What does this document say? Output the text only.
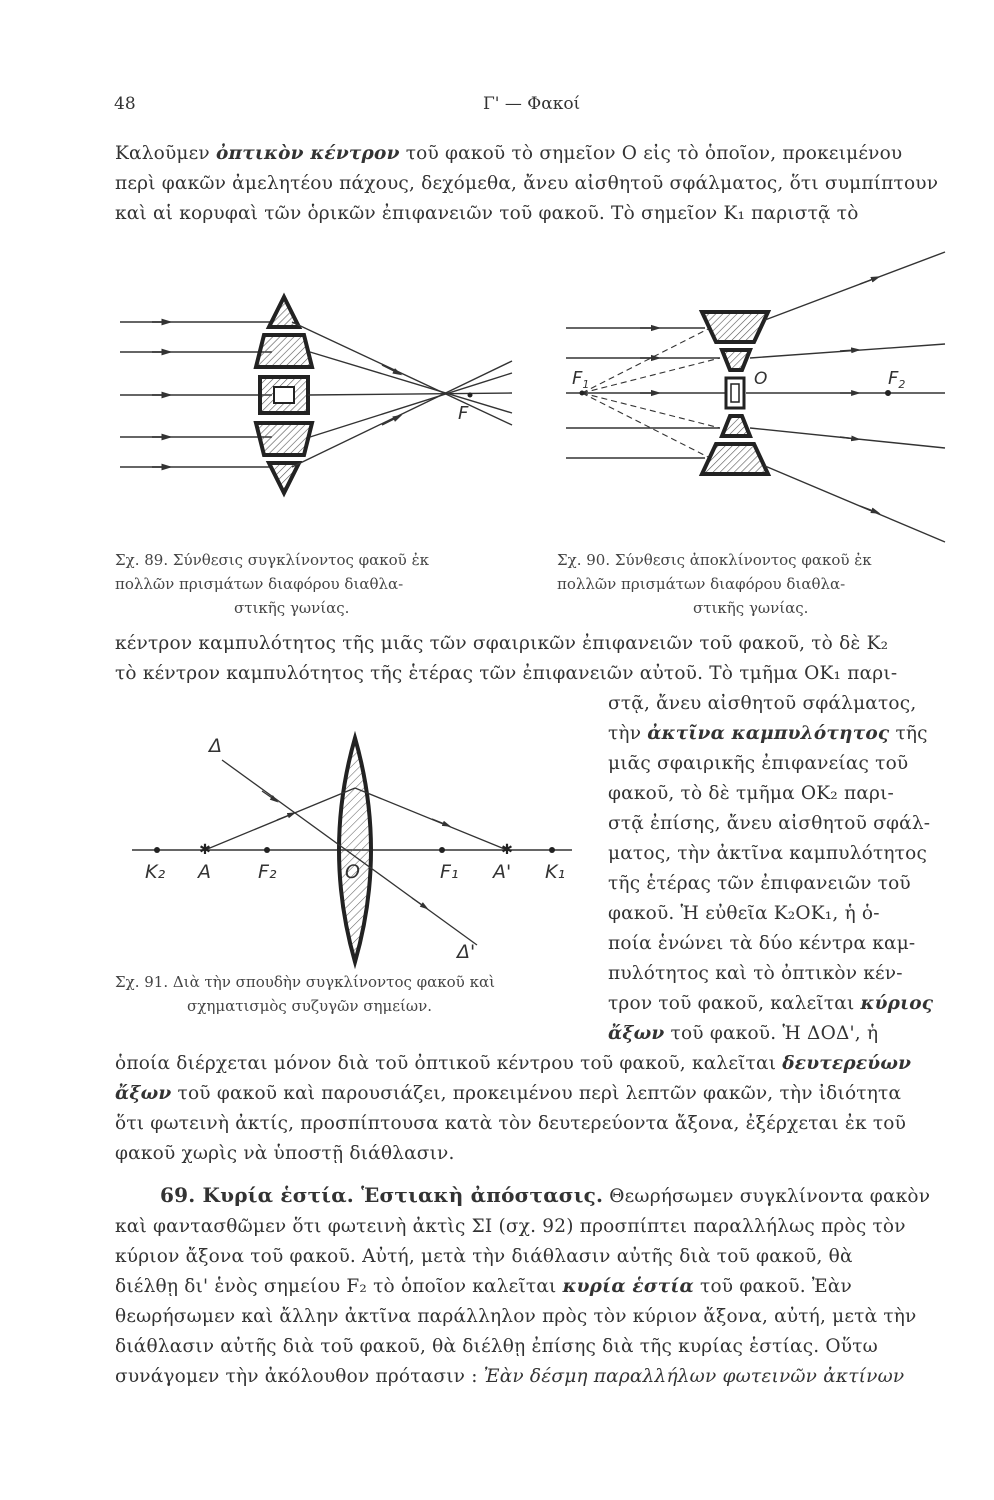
48	Γ' — Φακοί
Καλοῦμεν ὀπτικὸν κέντρον τοῦ φακοῦ τὸ σημεῖον O εἰς τὸ ὁποῖον, προκειμένου
περὶ φακῶν ἀμελητέου πάχους, δεχόμεθα, ἄνευ αἰσθητοῦ σφάλματος, ὅτι συμπίπτουν
καὶ αἱ κορυφαὶ τῶν ὁρικῶν ἐπιφανειῶν τοῦ φακοῦ. Τὸ σημεῖον K₁ παριστᾷ τὸ
F
$F_1$	O	$F_2$
Σχ. 89. Σύνθεσις συγκλίνοντος φακοῦ ἐκ
πολλῶν πρισμάτων διαφόρου διαθλα-
στικῆς γωνίας.
Σχ. 90. Σύνθεσις ἀποκλίνοντος φακοῦ ἐκ
πολλῶν πρισμάτων διαφόρου διαθλα-
στικῆς γωνίας.
κέντρον καμπυλότητος τῆς μιᾶς τῶν σφαιρικῶν ἐπιφανειῶν τοῦ φακοῦ, τὸ δὲ K₂
τὸ κέντρον καμπυλότητος τῆς ἑτέρας τῶν ἐπιφανειῶν αὐτοῦ. Τὸ τμῆμα OK₁ παρι-
στᾷ, ἄνευ αἰσθητοῦ σφάλματος,
τὴν ἀκτῖνα καμπυλότητος τῆς
μιᾶς σφαιρικῆς ἐπιφανείας τοῦ
φακοῦ, τὸ δὲ τμῆμα OK₂ παρι-
στᾷ ἐπίσης, ἄνευ αἰσθητοῦ σφάλ-
ματος, τὴν ἀκτῖνα καμπυλότητος
τῆς ἑτέρας τῶν ἐπιφανειῶν τοῦ
φακοῦ. Ἡ εὐθεῖα K₂OK₁, ἡ ὁ-
ποία ἑνώνει τὰ δύο κέντρα καμ-
πυλότητος καὶ τὸ ὀπτικὸν κέν-
τρον τοῦ φακοῦ, καλεῖται κύριος
ἄξων τοῦ φακοῦ. Ἡ ΔΟΔ', ἡ
✱	✱
Δ
Δ'
K₂ A F₂	O	F₁ A' K₁
Σχ. 91. Διὰ τὴν σπουδὴν συγκλίνοντος φακοῦ καὶ
σχηματισμὸς συζυγῶν σημείων.
ὁποία διέρχεται μόνον διὰ τοῦ ὀπτικοῦ κέντρου τοῦ φακοῦ, καλεῖται δευτερεύων
ἄξων τοῦ φακοῦ καὶ παρουσιάζει, προκειμένου περὶ λεπτῶν φακῶν, τὴν ἰδιότητα
ὅτι φωτεινὴ ἀκτίς, προσπίπτουσα κατὰ τὸν δευτερεύοντα ἄξονα, ἐξέρχεται ἐκ τοῦ
φακοῦ χωρὶς νὰ ὑποστῇ διάθλασιν.
69. Κυρία ἑστία. Ἑστιακὴ ἀπόστασις. Θεωρήσωμεν συγκλίνοντα φακὸν
καὶ φαντασθῶμεν ὅτι φωτεινὴ ἀκτὶς ΣΙ (σχ. 92) προσπίπτει παραλλήλως πρὸς τὸν
κύριον ἄξονα τοῦ φακοῦ. Αὐτή, μετὰ τὴν διάθλασιν αὐτῆς διὰ τοῦ φακοῦ, θὰ
διέλθῃ δι' ἑνὸς σημείου F₂ τὸ ὁποῖον καλεῖται κυρία ἑστία τοῦ φακοῦ. Ἐὰν
θεωρήσωμεν καὶ ἄλλην ἀκτῖνα παράλληλον πρὸς τὸν κύριον ἄξονα, αὐτή, μετὰ τὴν
διάθλασιν αὐτῆς διὰ τοῦ φακοῦ, θὰ διέλθῃ ἐπίσης διὰ τῆς κυρίας ἑστίας. Οὕτω
συνάγομεν τὴν ἀκόλουθον πρότασιν : Ἐὰν δέσμη παραλλήλων φωτεινῶν ἀκτίνων
